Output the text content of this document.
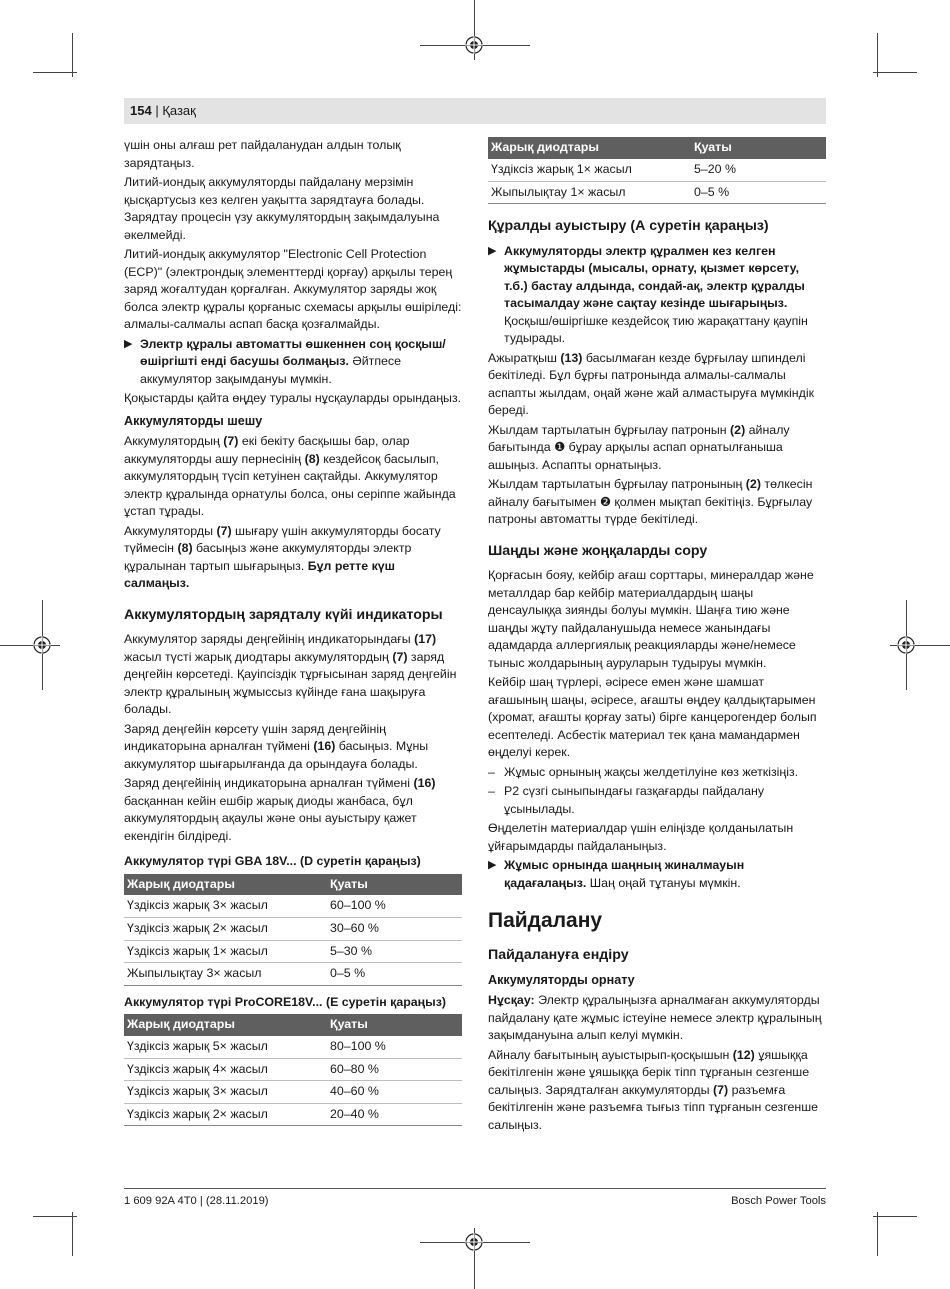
154 | Қазақ

үшін оны алғаш рет пайдаланудан алдын толық зарядтаңыз.

Литий-иондық аккумуляторды пайдалану мерзімін қысқартусыз кез келген уақытта зарядтауға болады. Зарядтау процесін үзу аккумулятордың зақымдалуына әкелмейді.

Литий-иондық аккумулятор "Electronic Cell Protection (ECP)" (электрондық элементтерді қорғау) арқылы терең заряд жоғалтудан қорғалған. Аккумулятор заряды жоқ болса электр құралы қорғаныс схемасы арқылы өшіріледі: алмалы-салмалы аспап басқа қозғалмайды.

▶ Электр құралы автоматты өшкеннен соң қосқыш/өшіргішті енді басушы болмаңыз. Әйтпесе аккумулятор зақымдануы мүмкін.

Қоқыстарды қайта өңдеу туралы нұсқауларды орындаңыз.

Аккумуляторды шешу

Аккумулятордың (7) екі бекіту басқышы бар, олар аккумуляторды ашу пернесінің (8) кездейсоқ басылып, аккумулятордың түсіп кетуінен сақтайды. Аккумулятор электр құралында орнатулы болса, оны серіппе жайында ұстап тұрады.

Аккумуляторды (7) шығару үшін аккумуляторды босату түймесін (8) басыңыз және аккумуляторды электр құралынан тартып шығарыңыз. Бұл ретте күш салмаңыз.

Аккумулятордың зарядталу күйі индикаторы

Аккумулятор заряды деңгейінің индикаторындағы (17) жасыл түсті жарық диодтары аккумулятордың (7) заряд деңгейін көрсетеді. Қауіпсіздік тұрғысынан заряд деңгейін электр құралының жұмыссыз күйінде ғана шақыруға болады.

Заряд деңгейін көрсету үшін заряд деңгейінің индикаторына арналған түймені (16) басыңыз. Мұны аккумулятор шығарылғанда да орындауға болады.

Заряд деңгейінің индикаторына арналған түймені (16) басқаннан кейін ешбір жарық диоды жанбаса, бұл аккумулятордың ақаулы және оны ауыстыру қажет екендігін білдіреді.

Аккумулятор түрі GBA 18V... (D суретін қараңыз)
Жарық диодтары	Қуаты
Үздіксіз жарық 3× жасыл	60–100 %
Үздіксіз жарық 2× жасыл	30–60 %
Үздіксіз жарық 1× жасыл	5–30 %
Жыпылықтау 3× жасыл	0–5 %
Аккумулятор түрі ProCORE18V... (E суретін қараңыз)
Жарық диодтары	Қуаты
Үздіксіз жарық 5× жасыл	80–100 %
Үздіксіз жарық 4× жасыл	60–80 %
Үздіксіз жарық 3× жасыл	40–60 %
Үздіксіз жарық 2× жасыл	20–40 %
Жарық диодтары	Қуаты
Үздіксіз жарық 1× жасыл	5–20 %
Жыпылықтау 1× жасыл	0–5 %
Құралды ауыстыру (А суретін қараңыз)
▶ Аккумуляторды электр құралмен кез келген жұмыстарды (мысалы, орнату, қызмет көрсету, т.б.) бастау алдында, сондай-ақ, электр құралды тасымалдау және сақтау кезінде шығарыңыз. Қосқыш/өшіргішке кездейсоқ тию жарақаттану қаупін тудырады.

Ажыратқыш (13) басылмаған кезде бұрғылау шпинделі бекітіледі. Бұл бұрғы патронында алмалы-салмалы аспапты жылдам, оңай және жай алмастыруға мүмкіндік береді.

Жылдам тартылатын бұрғылау патронын (2) айналу бағытында ❶ бұрау арқылы аспап орнатылғаныша ашыңыз. Аспапты орнатыңыз.

Жылдам тартылатын бұрғылау патронының (2) төлкесін айналу бағытымен ❷ қолмен мықтап бекітіңіз. Бұрғылау патроны автоматты түрде бекітіледі.

Шаңды және жоңқаларды сору

Қорғасын бояу, кейбір ағаш сорттары, минералдар және металлдар бар кейбір материалдардың шаңы денсаулыққа зиянды болуы мүмкін. Шаңға тию және шаңды жұту пайдаланушыда немесе жанындағы адамдарда аллергиялық реакцияларды және/немесе тыныс жолдарының ауруларын тудыруы мүмкін.

Кейбір шаң түрлері, әсіресе емен және шамшат ағашының шаңы, әсіресе, ағашты өңдеу қалдықтарымен (хромат, ағашты қорғау заты) бірге канцерогендер болып есептеледі. Асбестік материал тек қана мамандармен өңделуі керек.

– Жұмыс орнының жақсы желдетілуіне көз жеткізіңіз.
– P2 сүзгі сыныпындағы газқағарды пайдалану ұсынылады.

Өңделетін материалдар үшін еліңізде қолданылатын ұйғарымдарды пайдаланыңыз.

▶ Жұмыс орнында шаңның жиналмауын қадағалаңыз. Шаң оңай тұтануы мүмкін.
Пайдалану
Пайдалануға ендіру
Аккумуляторды орнату

Нұсқау: Электр құралыңызға арналмаған аккумуляторды пайдалану қате жұмыс істеуіне немесе электр құралының зақымдануына алып келуі мүмкін.

Айналу бағытының ауыстырып-қосқышын (12) ұяшыққа бекітілгенін және ұяшыққа берік тіпп тұрғанын сезгенше салыңыз. Зарядталған аккумуляторды (7) разъемға бекітілгенін және разъемға тығыз тіпп тұрғанын сезгенше салыңыз.

1 609 92A 4T0 | (28.11.2019)	Bosch Power Tools
